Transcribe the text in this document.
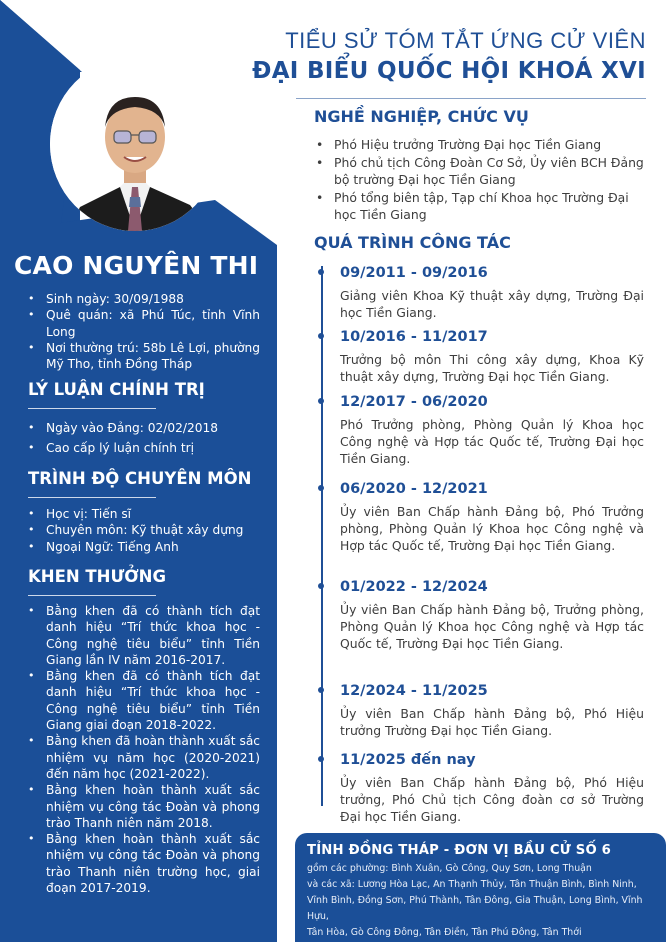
CAO NGUYÊN THI
• Sinh ngày: 30/09/1988
• Quê quán: xã Phú Túc, tỉnh Vĩnh Long
• Nơi thường trú: 58b Lê Lợi, phường Mỹ Tho, tỉnh Đồng Tháp
LÝ LUẬN CHÍNH TRỊ
• Ngày vào Đảng: 02/02/2018
• Cao cấp lý luận chính trị
TRÌNH ĐỘ CHUYÊN MÔN
• Học vị: Tiến sĩ
• Chuyên môn: Kỹ thuật xây dựng
• Ngoại Ngữ: Tiếng Anh
KHEN THƯỞNG
• Bằng khen đã có thành tích đạt danh hiệu “Trí thức khoa học - Công nghệ tiêu biểu” tỉnh Tiền Giang lần IV năm 2016-2017.
• Bằng khen đã có thành tích đạt danh hiệu “Trí thức khoa học - Công nghệ tiêu biểu” tỉnh Tiền Giang giai đoạn 2018-2022.
• Bằng khen đã hoàn thành xuất sắc nhiệm vụ năm học (2020-2021) đến năm học (2021-2022).
• Bằng khen hoàn thành xuất sắc nhiệm vụ công tác Đoàn và phong trào Thanh niên năm 2018.
• Bằng khen hoàn thành xuất sắc nhiệm vụ công tác Đoàn và phong trào Thanh niên trường học, giai đoạn 2017-2019.
TIỂU SỬ TÓM TẮT ỨNG CỬ VIÊN
ĐẠI BIỂU QUỐC HỘI KHOÁ XVI
NGHỀ NGHIỆP, CHỨC VỤ
• Phó Hiệu trưởng Trường Đại học Tiền Giang
• Phó chủ tịch Công Đoàn Cơ Sở, Ủy viên BCH Đảng bộ trường Đại học Tiền Giang
• Phó tổng biên tập, Tạp chí Khoa học Trường Đại học Tiền Giang
QUÁ TRÌNH CÔNG TÁC
09/2011 - 09/2016
Giảng viên Khoa Kỹ thuật xây dựng, Trường Đại học Tiền Giang.
10/2016 - 11/2017
Trưởng bộ môn Thi công xây dựng, Khoa Kỹ thuật xây dựng, Trường Đại học Tiền Giang.
12/2017 - 06/2020
Phó Trưởng phòng, Phòng Quản lý Khoa học Công nghệ và Hợp tác Quốc tế, Trường Đại học Tiền Giang.
06/2020 - 12/2021
Ủy viên Ban Chấp hành Đảng bộ, Phó Trưởng phòng, Phòng Quản lý Khoa học Công nghệ và Hợp tác Quốc tế, Trường Đại học Tiền Giang.
01/2022 - 12/2024
Ủy viên Ban Chấp hành Đảng bộ, Trưởng phòng, Phòng Quản lý Khoa học Công nghệ và Hợp tác Quốc tế, Trường Đại học Tiền Giang.
12/2024 - 11/2025
Ủy viên Ban Chấp hành Đảng bộ, Phó Hiệu trưởng Trường Đại học Tiền Giang.
11/2025 đến nay
Ủy viên Ban Chấp hành Đảng bộ, Phó Hiệu trưởng, Phó Chủ tịch Công đoàn cơ sở Trường Đại học Tiền Giang.
TỈNH ĐỒNG THÁP - ĐƠN VỊ BẦU CỬ SỐ 6
gồm các phường: Bình Xuân, Gò Công, Quy Sơn, Long Thuận
và các xã: Lương Hòa Lạc, An Thạnh Thủy, Tân Thuận Bình, Bình Ninh,
Vĩnh Bình, Đồng Sơn, Phú Thành, Tân Đông, Gia Thuận, Long Bình, Vĩnh Hựu,
Tân Hòa, Gò Công Đông, Tân Điền, Tân Phú Đông, Tân Thới
